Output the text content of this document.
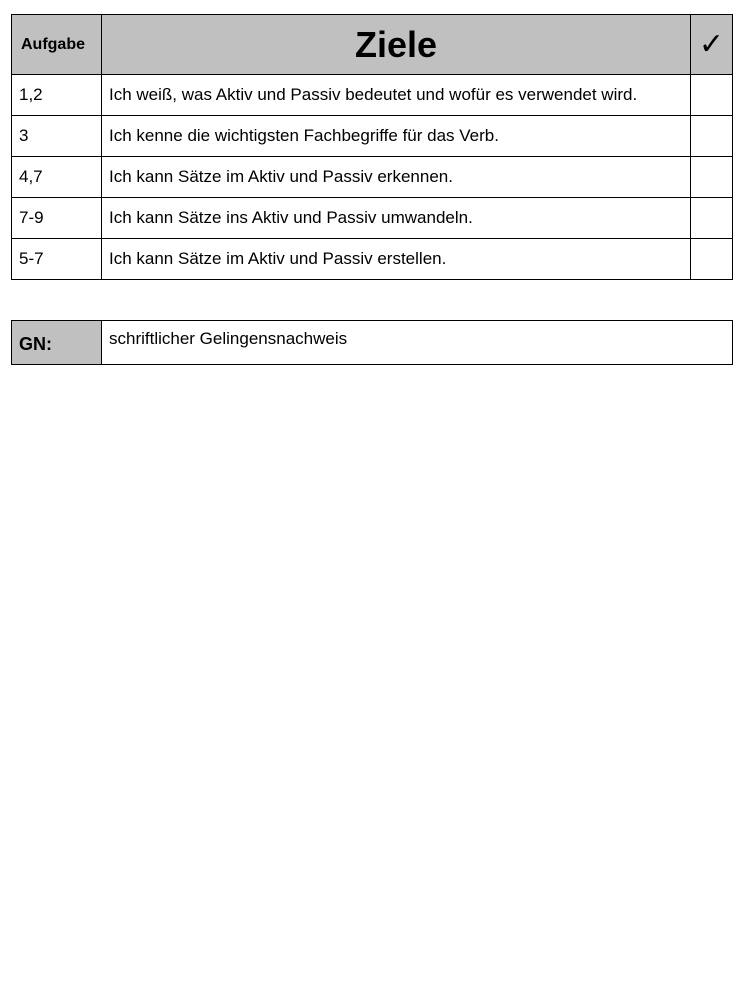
Aufgabe	Ziele	✓
1,2	Ich weiß, was Aktiv und Passiv bedeutet und wofür es verwendet wird.	
3	Ich kenne die wichtigsten Fachbegriffe für das Verb.	
4,7	Ich kann Sätze im Aktiv und Passiv erkennen.	
7-9	Ich kann Sätze ins Aktiv und Passiv umwandeln.	
5-7	Ich kann Sätze im Aktiv und Passiv erstellen.	
GN:	schriftlicher Gelingensnachweis
